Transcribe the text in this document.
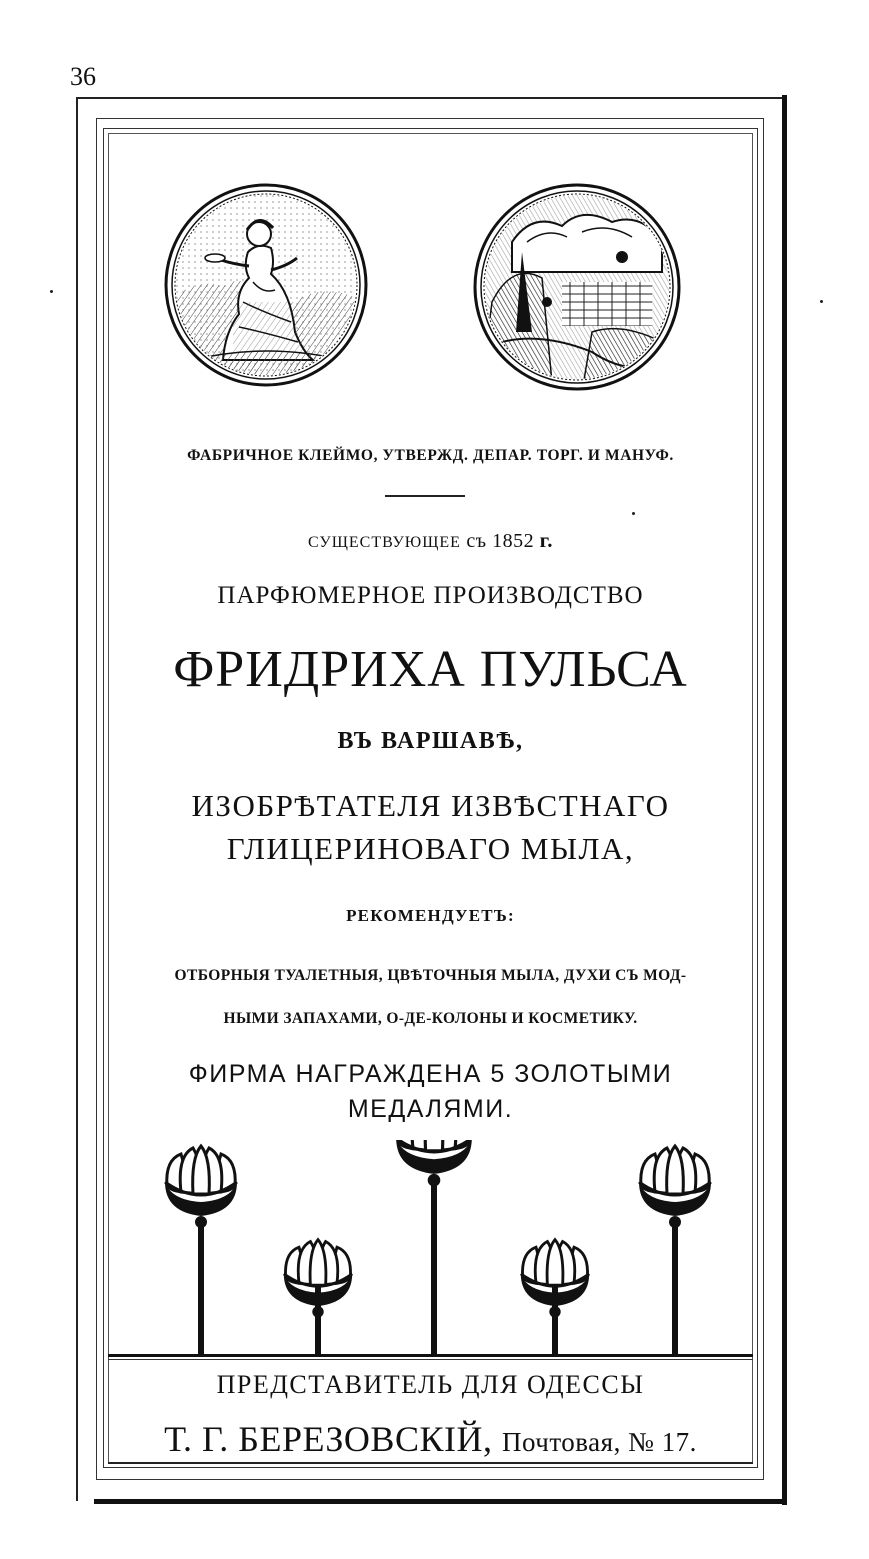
36
ФАБРИЧНОЕ КЛЕЙМО, УТВЕРЖД. ДЕПАР. ТОРГ. И МАНУФ.
СУЩЕСТВУЮЩЕЕ съ 1852 г.
ПАРФЮМЕРНОЕ ПРОИЗВОДСТВО
ФРИДРИХА ПУЛЬСА
ВЪ ВАРШАВѢ,
ИЗОБРѢТАТЕЛЯ ИЗВѢСТНАГО
ГЛИЦЕРИНОВАГО МЫЛА,
РЕКОМЕНДУЕТЪ:
ОТБОРНЫЯ ТУАЛЕТНЫЯ, ЦВѢТОЧНЫЯ МЫЛА, ДУХИ СЪ МОД-
НЫМИ ЗАПАХАМИ, О-ДЕ-КОЛОНЫ И КОСМЕТИКУ.
ФИРМА НАГРАЖДЕНА 5 ЗОЛОТЫМИ
МЕДАЛЯМИ.
ПРЕДСТАВИТЕЛЬ ДЛЯ ОДЕССЫ
Т. Г. БЕРЕЗОВСКIЙ, Почтовая, № 17.
